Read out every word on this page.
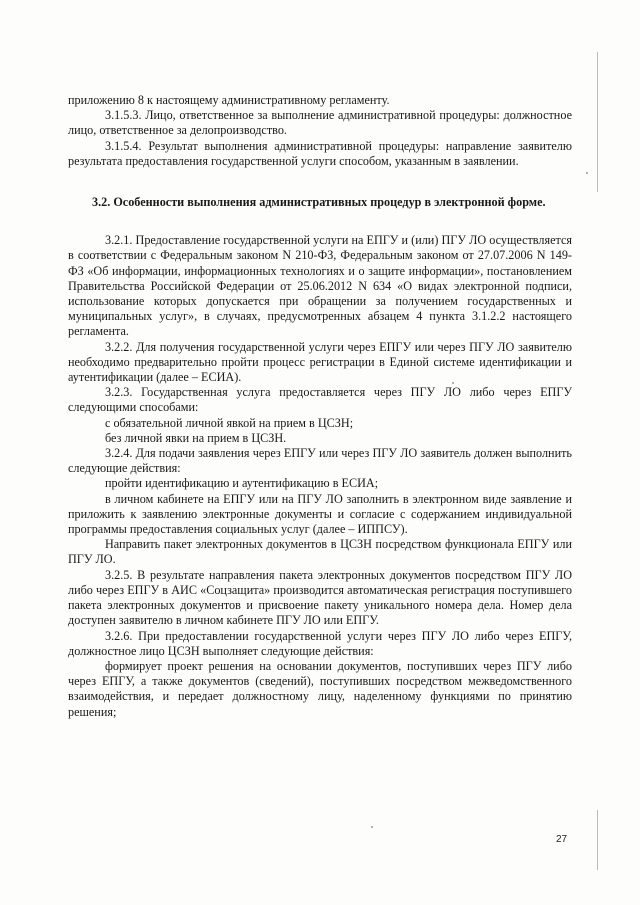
приложению 8 к настоящему административному регламенту.

3.1.5.3. Лицо, ответственное за выполнение административной процедуры: должностное лицо, ответственное за делопроизводство.

3.1.5.4. Результат выполнения административной процедуры: направление заявителю результата предоставления государственной услуги способом, указанным в заявлении.

3.2. Особенности выполнения административных процедур в электронной форме.

3.2.1. Предоставление государственной услуги на ЕПГУ и (или) ПГУ ЛО осуществляется в соответствии с Федеральным законом N 210-ФЗ, Федеральным законом от 27.07.2006 N 149-ФЗ «Об информации, информационных технологиях и о защите информации», постановлением Правительства Российской Федерации от 25.06.2012 N 634 «О видах электронной подписи, использование которых допускается при обращении за получением государственных и муниципальных услуг», в случаях, предусмотренных абзацем 4 пункта 3.1.2.2 настоящего регламента.

3.2.2. Для получения государственной услуги через ЕПГУ или через ПГУ ЛО заявителю необходимо предварительно пройти процесс регистрации в Единой системе идентификации и аутентификации (далее – ЕСИА).

3.2.3. Государственная услуга предоставляется через ПГУ ЛО либо через ЕПГУ следующими способами:

с обязательной личной явкой на прием в ЦСЗН;

без личной явки на прием в ЦСЗН.

3.2.4. Для подачи заявления через ЕПГУ или через ПГУ ЛО заявитель должен выполнить следующие действия:

пройти идентификацию и аутентификацию в ЕСИА;

в личном кабинете на ЕПГУ или на ПГУ ЛО заполнить в электронном виде заявление и приложить к заявлению электронные документы и согласие с содержанием индивидуальной программы предоставления социальных услуг (далее – ИППСУ).

Направить пакет электронных документов в ЦСЗН посредством функционала ЕПГУ или ПГУ ЛО.

3.2.5. В результате направления пакета электронных документов посредством ПГУ ЛО либо через ЕПГУ в АИС «Соцзащита» производится автоматическая регистрация поступившего пакета электронных документов и присвоение пакету уникального номера дела. Номер дела доступен заявителю в личном кабинете ПГУ ЛО или ЕПГУ.

3.2.6. При предоставлении государственной услуги через ПГУ ЛО либо через ЕПГУ, должностное лицо ЦСЗН выполняет следующие действия:

формирует проект решения на основании документов, поступивших через ПГУ либо через ЕПГУ, а также документов (сведений), поступивших посредством межведомственного взаимодействия, и передает должностному лицу, наделенному функциями по принятию решения;

27
